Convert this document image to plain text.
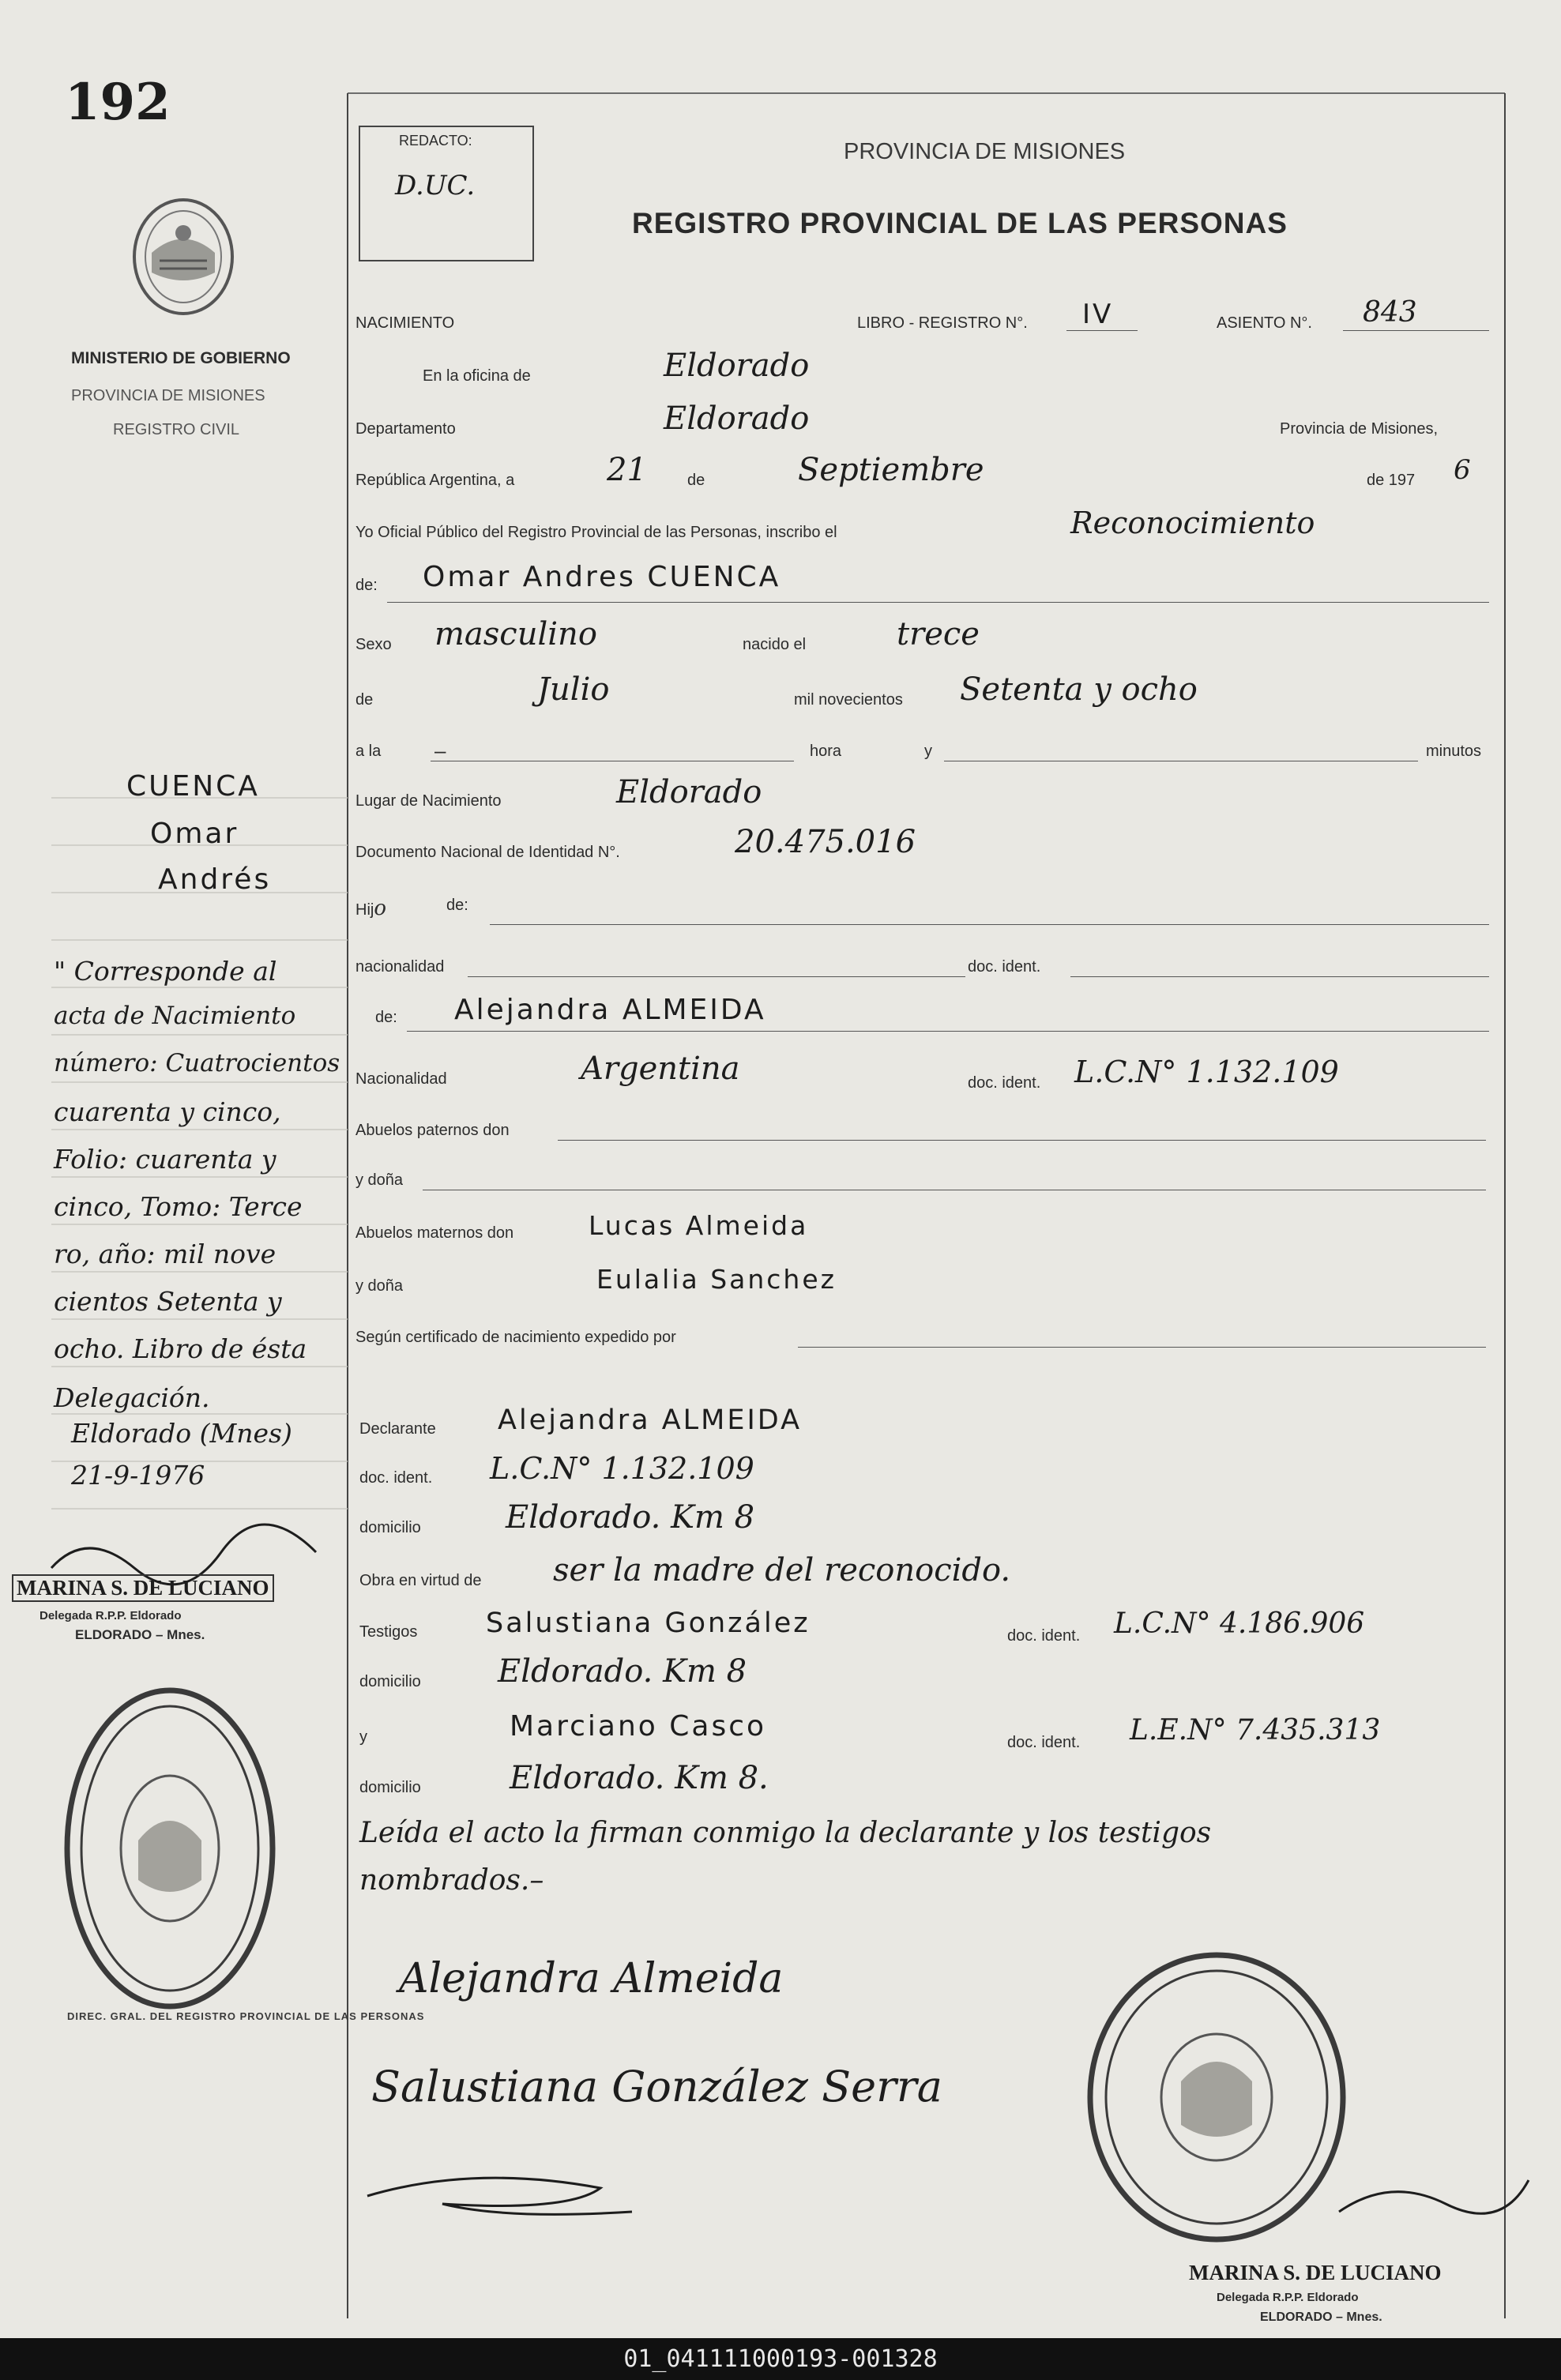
192
REDACTO:
D.UC.
PROVINCIA DE MISIONES
REGISTRO PROVINCIAL DE LAS PERSONAS
MINISTERIO DE GOBIERNO
PROVINCIA DE MISIONES
REGISTRO CIVIL
NACIMIENTO	LIBRO - REGISTRO N°. IV	ASIENTO N°. 843
En la oficina de	Eldorado
Departamento	Eldorado	Provincia de Misiones,
República Argentina, a	21	de	Septiembre	de 197 6
Yo Oficial Público del Registro Provincial de las Personas, inscribo el	Reconocimiento
de: Omar Andres CUENCA
Sexo masculino	nacido el	trece
de	Julio	mil novecientos Setenta y ocho
a la	–	hora	y	minutos
Lugar de Nacimiento	Eldorado
Documento Nacional de Identidad N°.	20.475.016
Hijo	de:
nacionalidad	doc. ident.
de: Alejandra ALMEIDA
Nacionalidad	Argentina	doc. ident. L.C.N° 1.132.109
Abuelos paternos don
y doña
Abuelos maternos don	Lucas Almeida
y doña	Eulalia Sanchez
Según certificado de nacimiento expedido por
Declarante Alejandra ALMEIDA
doc. ident. L.C.N° 1.132.109
domicilio	Eldorado. Km 8
Obra en virtud de ser la madre del reconocido.
Testigos Salustiana González	doc. ident. L.C.N° 4.186.906
domicilio Eldorado. Km 8
y	Marciano Casco	doc. ident. L.E.N° 7.435.313
domicilio	Eldorado. Km 8.
Leída el acto la firman conmigo la declarante y los testigos
nombrados.–
Alejandra Almeida
Salustiana González Serra
CUENCA
Omar
Andrés
" Corresponde al
acta de Nacimiento
número: Cuatrocientos
cuarenta y cinco,
Folio: cuarenta y
cinco, Tomo: Terce
ro, año: mil nove
cientos Setenta y
ocho. Libro de ésta
Delegación.
Eldorado (Mnes)
21-9-1976
MARINA S. DE LUCIANO
Delegada R.P.P. Eldorado
ELDORADO – Mnes.
DIREC. GRAL. DEL REGISTRO PROVINCIAL DE LAS PERSONAS
MARINA S. DE LUCIANO
Delegada R.P.P. Eldorado
ELDORADO – Mnes.
01_041111000193-001328
